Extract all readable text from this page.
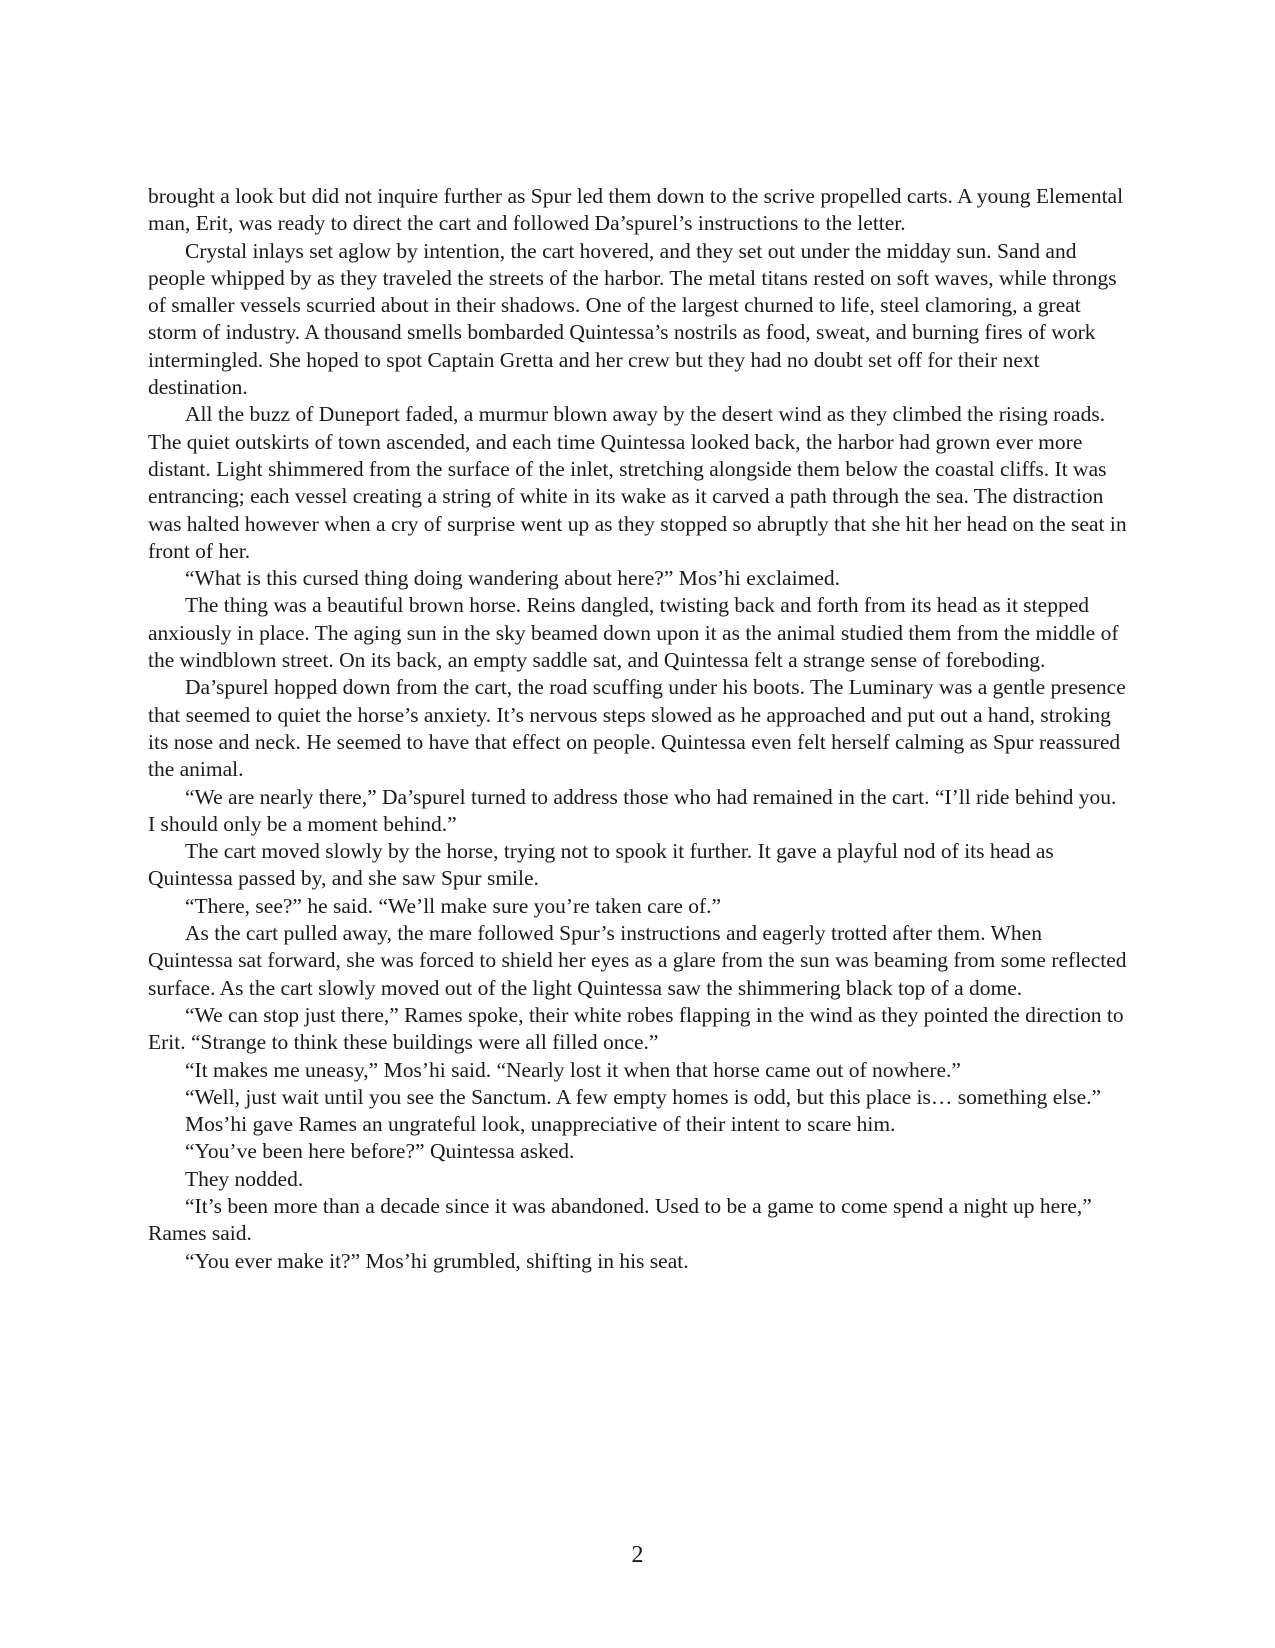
brought a look but did not inquire further as Spur led them down to the scrive propelled carts. A young Elemental man, Erit, was ready to direct the cart and followed Da’spurel’s instructions to the letter.

Crystal inlays set aglow by intention, the cart hovered, and they set out under the midday sun. Sand and people whipped by as they traveled the streets of the harbor. The metal titans rested on soft waves, while throngs of smaller vessels scurried about in their shadows. One of the largest churned to life, steel clamoring, a great storm of industry. A thousand smells bombarded Quintessa’s nostrils as food, sweat, and burning fires of work intermingled. She hoped to spot Captain Gretta and her crew but they had no doubt set off for their next destination.

All the buzz of Duneport faded, a murmur blown away by the desert wind as they climbed the rising roads. The quiet outskirts of town ascended, and each time Quintessa looked back, the harbor had grown ever more distant. Light shimmered from the surface of the inlet, stretching alongside them below the coastal cliffs. It was entrancing; each vessel creating a string of white in its wake as it carved a path through the sea. The distraction was halted however when a cry of surprise went up as they stopped so abruptly that she hit her head on the seat in front of her.

“What is this cursed thing doing wandering about here?” Mos’hi exclaimed.

The thing was a beautiful brown horse. Reins dangled, twisting back and forth from its head as it stepped anxiously in place. The aging sun in the sky beamed down upon it as the animal studied them from the middle of the windblown street. On its back, an empty saddle sat, and Quintessa felt a strange sense of foreboding.

Da’spurel hopped down from the cart, the road scuffing under his boots. The Luminary was a gentle presence that seemed to quiet the horse’s anxiety. It’s nervous steps slowed as he approached and put out a hand, stroking its nose and neck. He seemed to have that effect on people. Quintessa even felt herself calming as Spur reassured the animal.

“We are nearly there,” Da’spurel turned to address those who had remained in the cart. “I’ll ride behind you. I should only be a moment behind.”

The cart moved slowly by the horse, trying not to spook it further. It gave a playful nod of its head as Quintessa passed by, and she saw Spur smile.

“There, see?” he said. “We’ll make sure you’re taken care of.”

As the cart pulled away, the mare followed Spur’s instructions and eagerly trotted after them. When Quintessa sat forward, she was forced to shield her eyes as a glare from the sun was beaming from some reflected surface. As the cart slowly moved out of the light Quintessa saw the shimmering black top of a dome.

“We can stop just there,” Rames spoke, their white robes flapping in the wind as they pointed the direction to Erit. “Strange to think these buildings were all filled once.”

“It makes me uneasy,” Mos’hi said. “Nearly lost it when that horse came out of nowhere.”

“Well, just wait until you see the Sanctum. A few empty homes is odd, but this place is… something else.”

Mos’hi gave Rames an ungrateful look, unappreciative of their intent to scare him.

“You’ve been here before?” Quintessa asked.

They nodded.

“It’s been more than a decade since it was abandoned. Used to be a game to come spend a night up here,” Rames said.

“You ever make it?” Mos’hi grumbled, shifting in his seat.

2
